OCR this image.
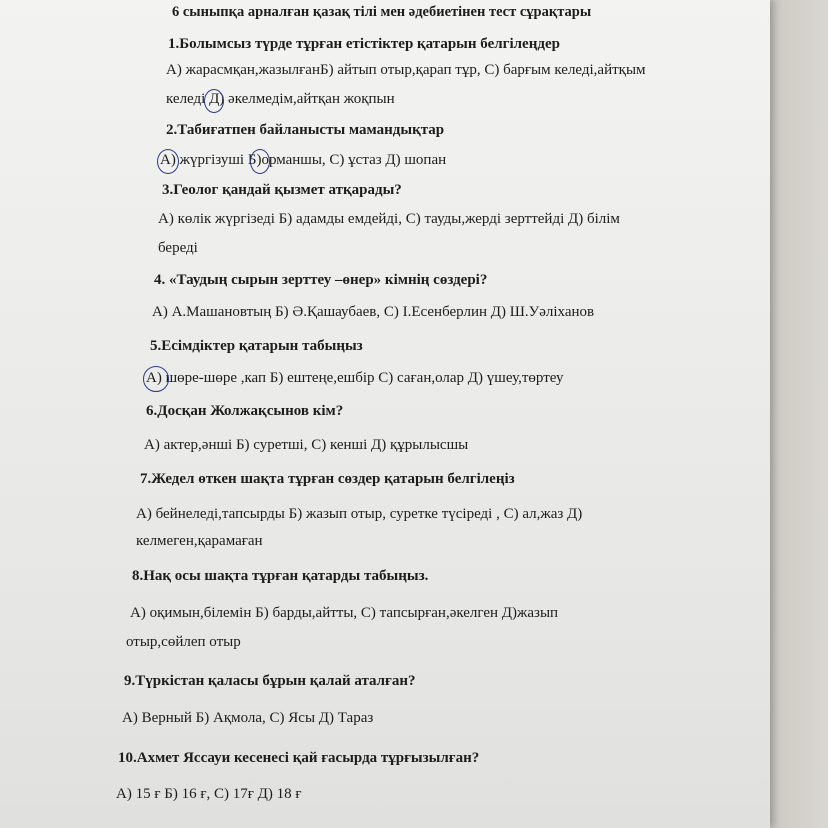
6 сыныпқа арналған қазақ тілі мен әдебиетінен тест сұрақтары
1.Болымсыз түрде тұрған етістіктер қатарын белгілеңдер
А) жарасмқан,жазылғанБ) айтып отыр,қарап тұр, С) барғым келеді,айтқым
келеді Д) әкелмедім,айтқан жоқпын
2.Табиғатпен байланысты мамандықтар
А) жүргізуші Б)орманшы, С) ұстаз Д) шопан
3.Геолог қандай қызмет атқарады?
А) көлік жүргізеді Б) адамды емдейді, С) тауды,жерді зерттейді Д) білім
береді
4. «Таудың сырын зерттеу –өнер» кімнің сөздері?
А) А.Машановтың Б) Ә.Қашаубаев, С) І.Есенберлин Д) Ш.Уәліханов
5.Есімдіктер қатарын табыңыз
А) шөре-шөре ,кап Б) ештеңе,ешбір С) саған,олар Д) үшеу,төртеу
6.Досқан Жолжақсынов кім?
А) актер,әнші Б) суретші, С) кенші Д) құрылысшы
7.Жедел өткен шақта тұрған сөздер қатарын белгілеңіз
А) бейнеледі,тапсырды Б) жазып отыр, суретке түсіреді , С) ал,жаз Д)
келмеген,қарамаған
8.Нақ осы шақта тұрған қатарды табыңыз.
А) оқимын,білемін Б) барды,айтты, С) тапсырған,әкелген Д)жазып
отыр,сөйлеп отыр
9.Түркістан қаласы бұрын қалай аталған?
А) Верный Б) Ақмола, С) Ясы Д) Тараз
10.Ахмет Яссауи кесенесі қай ғасырда тұрғызылған?
А) 15 ғ Б) 16 ғ, С) 17ғ Д) 18 ғ
